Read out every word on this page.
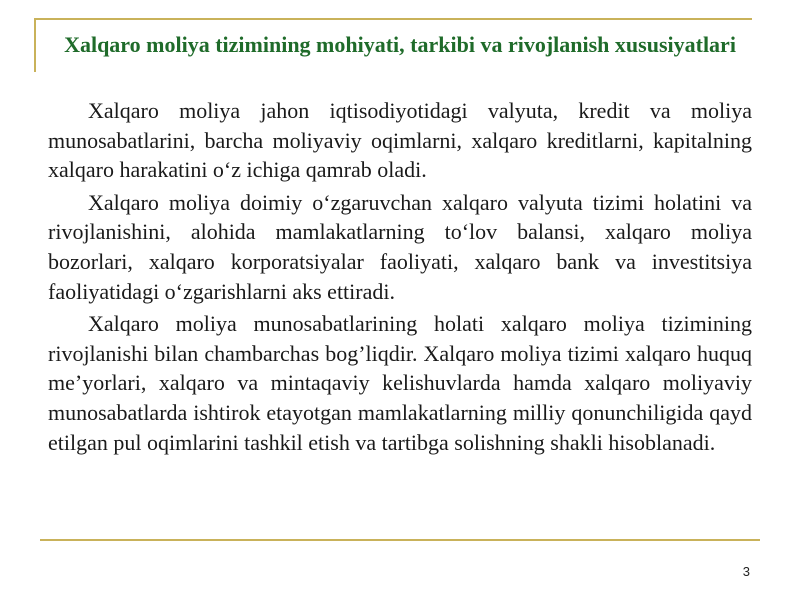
Xalqaro moliya tizimining mohiyati, tarkibi va rivojlanish xususiyatlari

Xalqaro moliya jahon iqtisodiyotidagi valyuta, kredit va moliya munosabatlarini, barcha moliyaviy oqimlarni, xalqaro kreditlarni, kapitalning xalqaro harakatini o‘z ichiga qamrab oladi.

Xalqaro moliya doimiy o‘zgaruvchan xalqaro valyuta tizimi holatini va rivojlanishini, alohida mamlakatlarning to‘lov balansi, xalqaro moliya bozorlari, xalqaro korporatsiyalar faoliyati, xalqaro bank va investitsiya faoliyatidagi o‘zgarishlarni aks ettiradi.

Xalqaro moliya munosabatlarining holati xalqaro moliya tizimining rivojlanishi bilan chambarchas bog’liqdir. Xalqaro moliya tizimi xalqaro huquq me’yorlari, xalqaro va mintaqaviy kelishuvlarda hamda xalqaro moliyaviy munosabatlarda ishtirok etayotgan mamlakatlarning milliy qonunchiligida qayd etilgan pul oqimlarini tashkil etish va tartibga solishning shakli hisoblanadi.

3
